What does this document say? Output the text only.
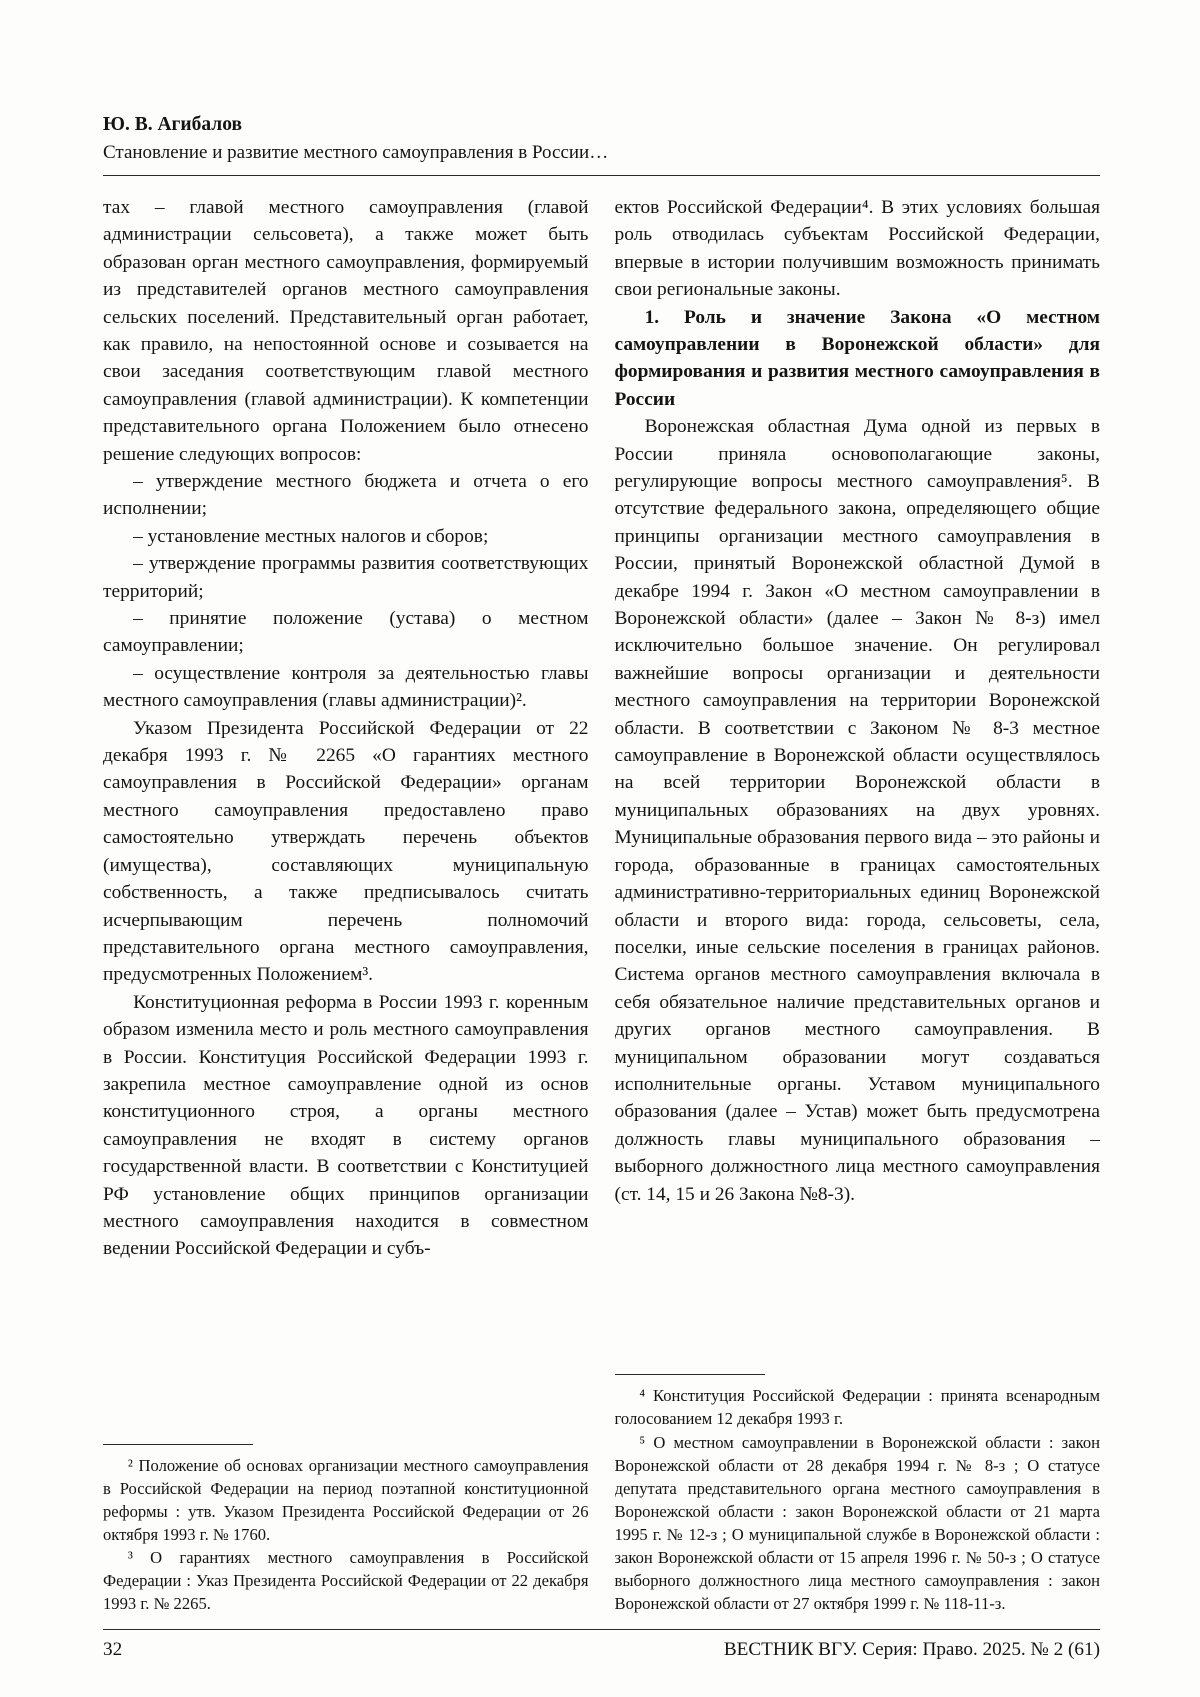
Ю. В. Агибалов
Становление и развитие местного самоуправления в России…

тах – главой местного самоуправления (главой администрации сельсовета), а также может быть образован орган местного самоуправления, формируемый из представителей органов местного самоуправления сельских поселений. Представительный орган работает, как правило, на непостоянной основе и созывается на свои заседания соответствующим главой местного самоуправления (главой администрации). К компетенции представительного органа Положением было отнесено решение следующих вопросов:

– утверждение местного бюджета и отчета о его исполнении;

– установление местных налогов и сборов;

– утверждение программы развития соответствующих территорий;

– принятие положение (устава) о местном самоуправлении;

– осуществление контроля за деятельностью главы местного самоуправления (главы администрации)².

Указом Президента Российской Федерации от 22 декабря 1993 г. № 2265 «О гарантиях местного самоуправления в Российской Федерации» органам местного самоуправления предоставлено право самостоятельно утверждать перечень объектов (имущества), составляющих муниципальную собственность, а также предписывалось считать исчерпывающим перечень полномочий представительного органа местного самоуправления, предусмотренных Положением³.

Конституционная реформа в России 1993 г. коренным образом изменила место и роль местного самоуправления в России. Конституция Российской Федерации 1993 г. закрепила местное самоуправление одной из основ конституционного строя, а органы местного самоуправления не входят в систему органов государственной власти. В соответствии с Конституцией РФ установление общих принципов организации местного самоуправления находится в совместном ведении Российской Федерации и субъ-

² Положение об основах организации местного самоуправления в Российской Федерации на период поэтапной конституционной реформы : утв. Указом Президента Российской Федерации от 26 октября 1993 г. № 1760.

³ О гарантиях местного самоуправления в Российской Федерации : Указ Президента Российской Федерации от 22 декабря 1993 г. № 2265.

ектов Российской Федерации⁴. В этих условиях большая роль отводилась субъектам Российской Федерации, впервые в истории получившим возможность принимать свои региональные законы.

1. Роль и значение Закона «О местном самоуправлении в Воронежской области» для формирования и развития местного самоуправления в России

Воронежская областная Дума одной из первых в России приняла основополагающие законы, регулирующие вопросы местного самоуправления⁵. В отсутствие федерального закона, определяющего общие принципы организации местного самоуправления в России, принятый Воронежской областной Думой в декабре 1994 г. Закон «О местном самоуправлении в Воронежской области» (далее – Закон № 8-з) имел исключительно большое значение. Он регулировал важнейшие вопросы организации и деятельности местного самоуправления на территории Воронежской области. В соответствии с Законом № 8-3 местное самоуправление в Воронежской области осуществлялось на всей территории Воронежской области в муниципальных образованиях на двух уровнях. Муниципальные образования первого вида – это районы и города, образованные в границах самостоятельных административно-территориальных единиц Воронежской области и второго вида: города, сельсоветы, села, поселки, иные сельские поселения в границах районов. Система органов местного самоуправления включала в себя обязательное наличие представительных органов и других органов местного самоуправления. В муниципальном образовании могут создаваться исполнительные органы. Уставом муниципального образования (далее – Устав) может быть предусмотрена должность главы муниципального образования – выборного должностного лица местного самоуправления (ст. 14, 15 и 26 Закона №8-3).

⁴ Конституция Российской Федерации : принята всенародным голосованием 12 декабря 1993 г.

⁵ О местном самоуправлении в Воронежской области : закон Воронежской области от 28 декабря 1994 г. № 8-з ; О статусе депутата представительного органа местного самоуправления в Воронежской области : закон Воронежской области от 21 марта 1995 г. № 12-з ; О муниципальной службе в Воронежской области : закон Воронежской области от 15 апреля 1996 г. № 50-з ; О статусе выборного должностного лица местного самоуправления : закон Воронежской области от 27 октября 1999 г. № 118-11-з.

32	ВЕСТНИК ВГУ. Серия: Право. 2025. № 2 (61)
